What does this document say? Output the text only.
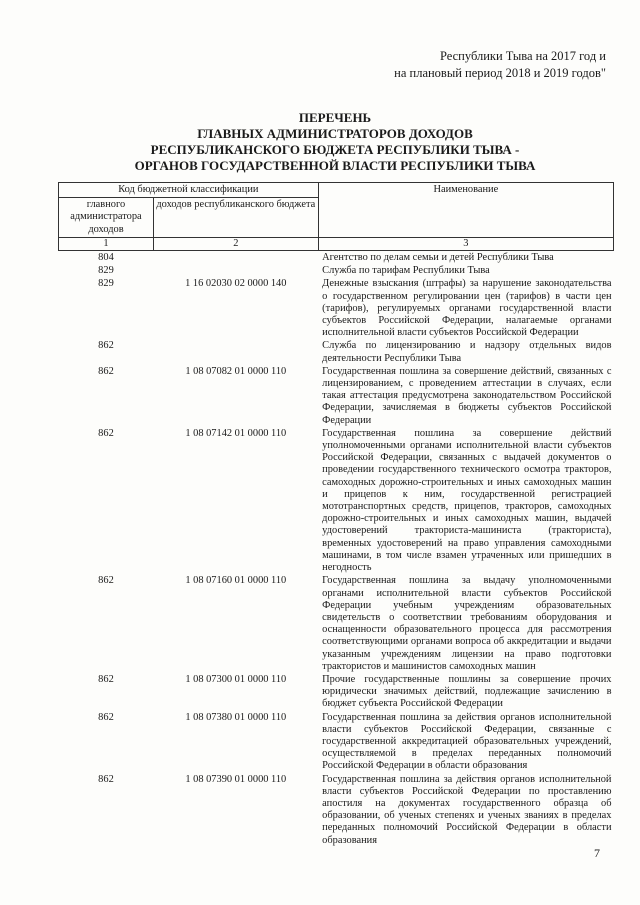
Республики Тыва на 2017 год и
на плановый период 2018 и 2019 годов"
ПЕРЕЧЕНЬ
ГЛАВНЫХ АДМИНИСТРАТОРОВ ДОХОДОВ
РЕСПУБЛИКАНСКОГО БЮДЖЕТА РЕСПУБЛИКИ ТЫВА -
ОРГАНОВ ГОСУДАРСТВЕННОЙ ВЛАСТИ РЕСПУБЛИКИ ТЫВА
Код бюджетной классификации		Наименование
главного администратора доходов	доходов республиканского бюджета	
1	2	3
804		Агентство по делам семьи и детей Республики Тыва
829		Служба по тарифам Республики Тыва
829	1 16 02030 02 0000 140	Денежные взыскания (штрафы) за нарушение законодательства о государственном регулировании цен (тарифов) в части цен (тарифов), регулируемых органами государственной власти субъектов Российской Федерации, налагаемые органами исполнительной власти субъектов Российской Федерации
862		Служба по лицензированию и надзору отдельных видов деятельности Республики Тыва
862	1 08 07082 01 0000 110	Государственная пошлина за совершение действий, связанных с лицензированием, с проведением аттестации в случаях, если такая аттестация предусмотрена законодательством Российской Федерации, зачисляемая в бюджеты субъектов Российской Федерации
862	1 08 07142 01 0000 110	Государственная пошлина за совершение действий уполномоченными органами исполнительной власти субъектов Российской Федерации, связанных с выдачей документов о проведении государственного технического осмотра тракторов, самоходных дорожно-строительных и иных самоходных машин и прицепов к ним, государственной регистрацией мототранспортных средств, прицепов, тракторов, самоходных дорожно-строительных и иных самоходных машин, выдачей удостоверений тракториста-машиниста (тракториста), временных удостоверений на право управления самоходными машинами, в том числе взамен утраченных или пришедших в негодность
862	1 08 07160 01 0000 110	Государственная пошлина за выдачу уполномоченными органами исполнительной власти субъектов Российской Федерации учебным учреждениям образовательных свидетельств о соответствии требованиям оборудования и оснащенности образовательного процесса для рассмотрения соответствующими органами вопроса об аккредитации и выдачи указанным учреждениям лицензии на право подготовки трактористов и машинистов самоходных машин
862	1 08 07300 01 0000 110	Прочие государственные пошлины за совершение прочих юридически значимых действий, подлежащие зачислению в бюджет субъекта Российской Федерации
862	1 08 07380 01 0000 110	Государственная пошлина за действия органов исполнительной власти субъектов Российской Федерации, связанные с государственной аккредитацией образовательных учреждений, осуществляемой в пределах переданных полномочий Российской Федерации в области образования
862	1 08 07390 01 0000 110	Государственная пошлина за действия органов исполнительной власти субъектов Российской Федерации по проставлению апостиля на документах государственного образца об образовании, об ученых степенях и ученых званиях в пределах переданных полномочий Российской Федерации в области образования
7
